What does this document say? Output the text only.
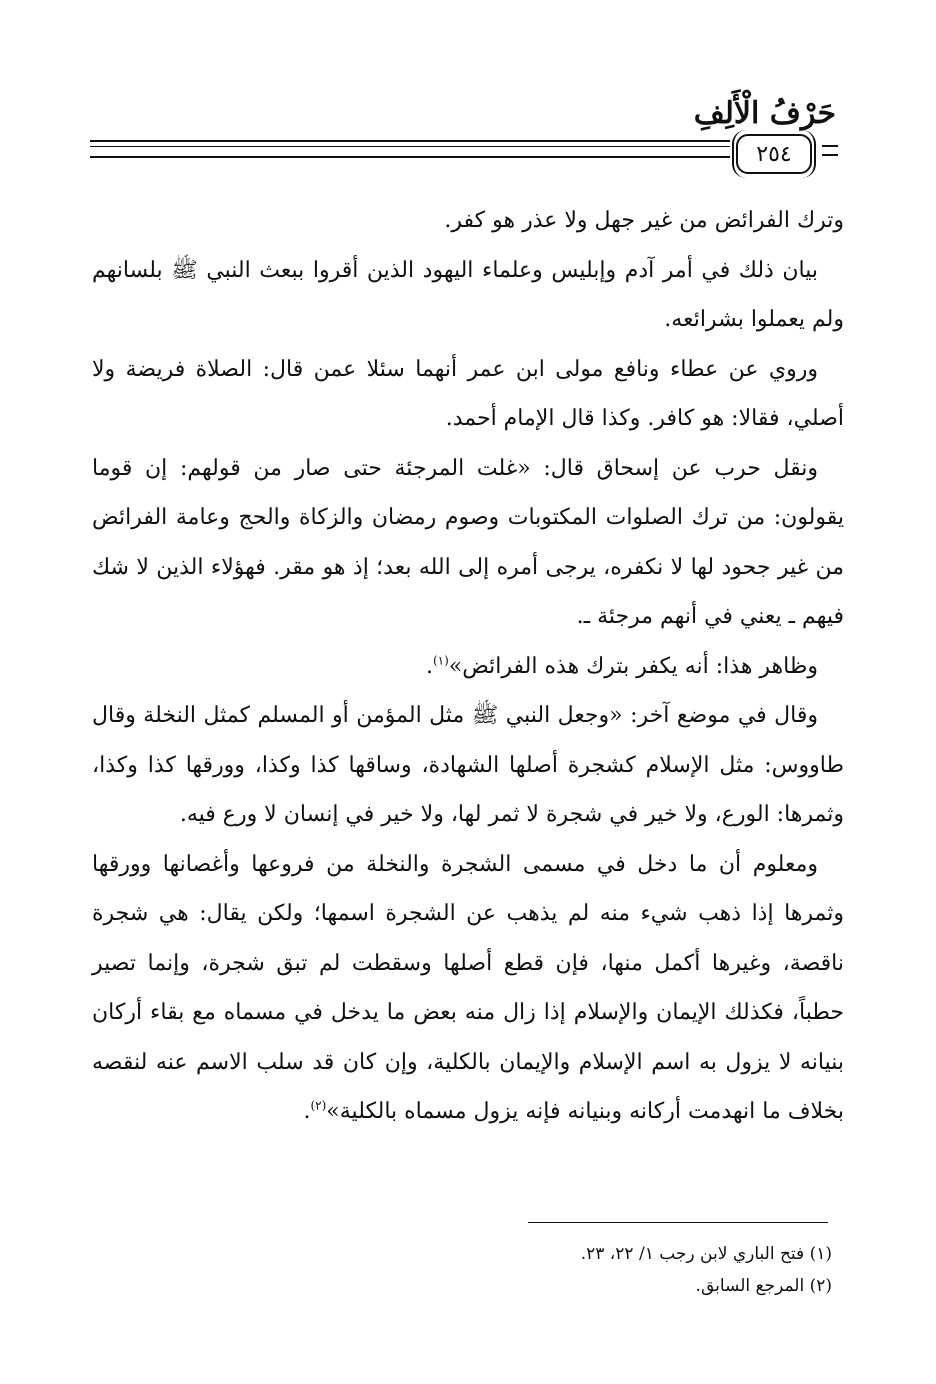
حَرْفُ الْأَلِفِ
٢٥٤

وترك الفرائض من غير جهل ولا عذر هو كفر.

بيان ذلك في أمر آدم وإبليس وعلماء اليهود الذين أقروا ببعث النبي ﷺ بلسانهم ولم يعملوا بشرائعه.

وروي عن عطاء ونافع مولى ابن عمر أنهما سئلا عمن قال: الصلاة فريضة ولا أصلي، فقالا: هو كافر. وكذا قال الإمام أحمد.

ونقل حرب عن إسحاق قال: «غلت المرجئة حتى صار من قولهم: إن قوما يقولون: من ترك الصلوات المكتوبات وصوم رمضان والزكاة والحج وعامة الفرائض من غير جحود لها لا نكفره، يرجى أمره إلى الله بعد؛ إذ هو مقر. فهؤلاء الذين لا شك فيهم ـ يعني في أنهم مرجئة ـ.

وظاهر هذا: أنه يكفر بترك هذه الفرائض»$^{(١)}$.

وقال في موضع آخر: «وجعل النبي ﷺ مثل المؤمن أو المسلم كمثل النخلة وقال طاووس: مثل الإسلام كشجرة أصلها الشهادة، وساقها كذا وكذا، وورقها كذا وكذا، وثمرها: الورع، ولا خير في شجرة لا ثمر لها، ولا خير في إنسان لا ورع فيه.

ومعلوم أن ما دخل في مسمى الشجرة والنخلة من فروعها وأغصانها وورقها وثمرها إذا ذهب شيء منه لم يذهب عن الشجرة اسمها؛ ولكن يقال: هي شجرة ناقصة، وغيرها أكمل منها، فإن قطع أصلها وسقطت لم تبق شجرة، وإنما تصير حطباً، فكذلك الإيمان والإسلام إذا زال منه بعض ما يدخل في مسماه مع بقاء أركان بنيانه لا يزول به اسم الإسلام والإيمان بالكلية، وإن كان قد سلب الاسم عنه لنقصه بخلاف ما انهدمت أركانه وبنيانه فإنه يزول مسماه بالكلية»$^{(٢)}$.

(١) فتح الباري لابن رجب ١/ ٢٢، ٢٣.

(٢) المرجع السابق.
